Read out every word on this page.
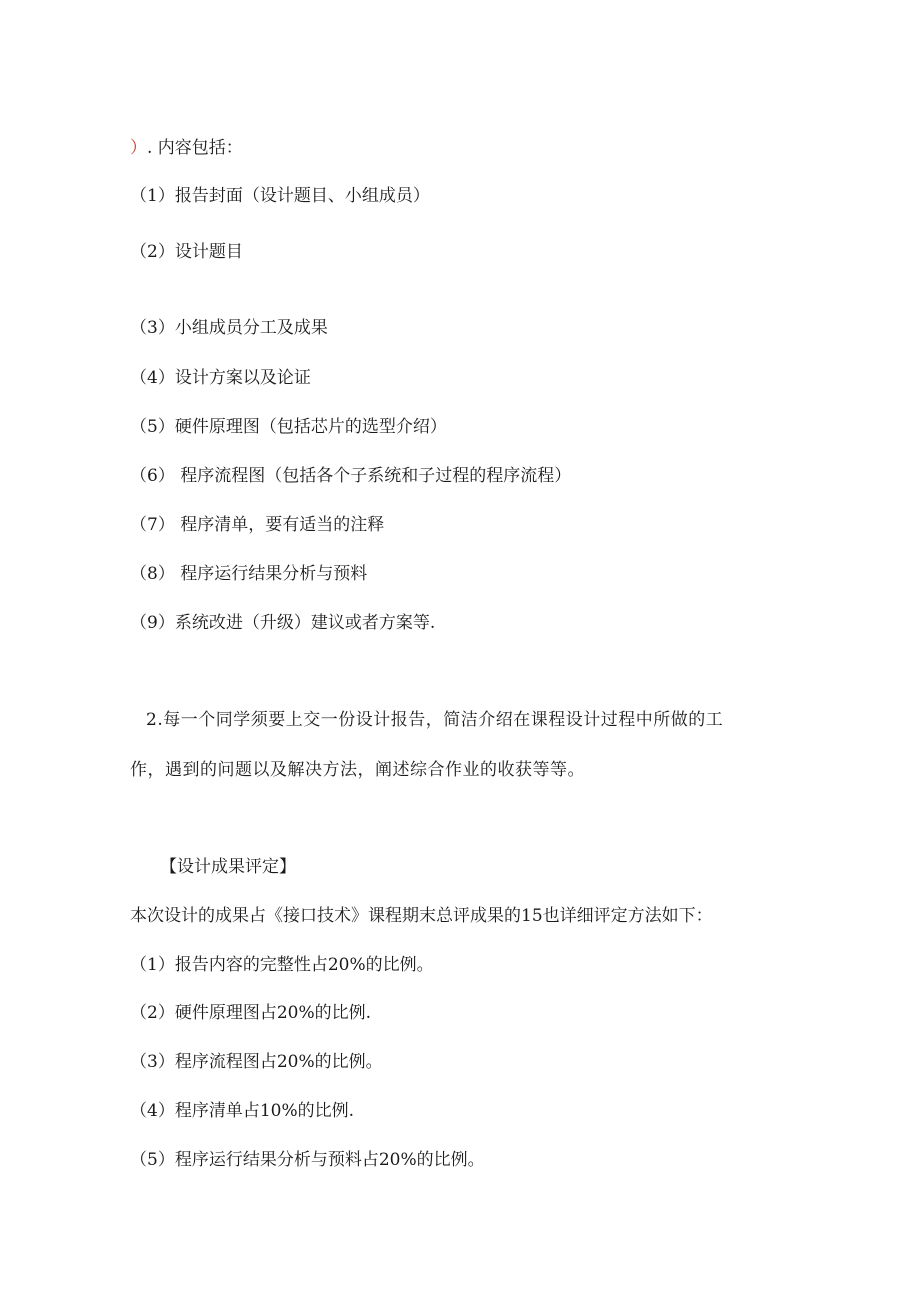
）. 内容包括：
（1）报告封面（设计题目、小组成员）
（2）设计题目
（3）小组成员分工及成果
（4）设计方案以及论证
（5）硬件原理图（包括芯片的选型介绍）
（6） 程序流程图（包括各个子系统和子过程的程序流程）
（7） 程序清单，要有适当的注释
（8） 程序运行结果分析与预料
（9）系统改进（升级）建议或者方案等.
2.每一个同学须要上交一份设计报告，简洁介绍在课程设计过程中所做的工
作，遇到的问题以及解决方法，阐述综合作业的收获等等。
【设计成果评定】
本次设计的成果占《接口技术》课程期末总评成果的15也详细评定方法如下：
（1）报告内容的完整性占20%的比例。
（2）硬件原理图占20%的比例.
（3）程序流程图占20%的比例。
（4）程序清单占10%的比例.
（5）程序运行结果分析与预料占20%的比例。
